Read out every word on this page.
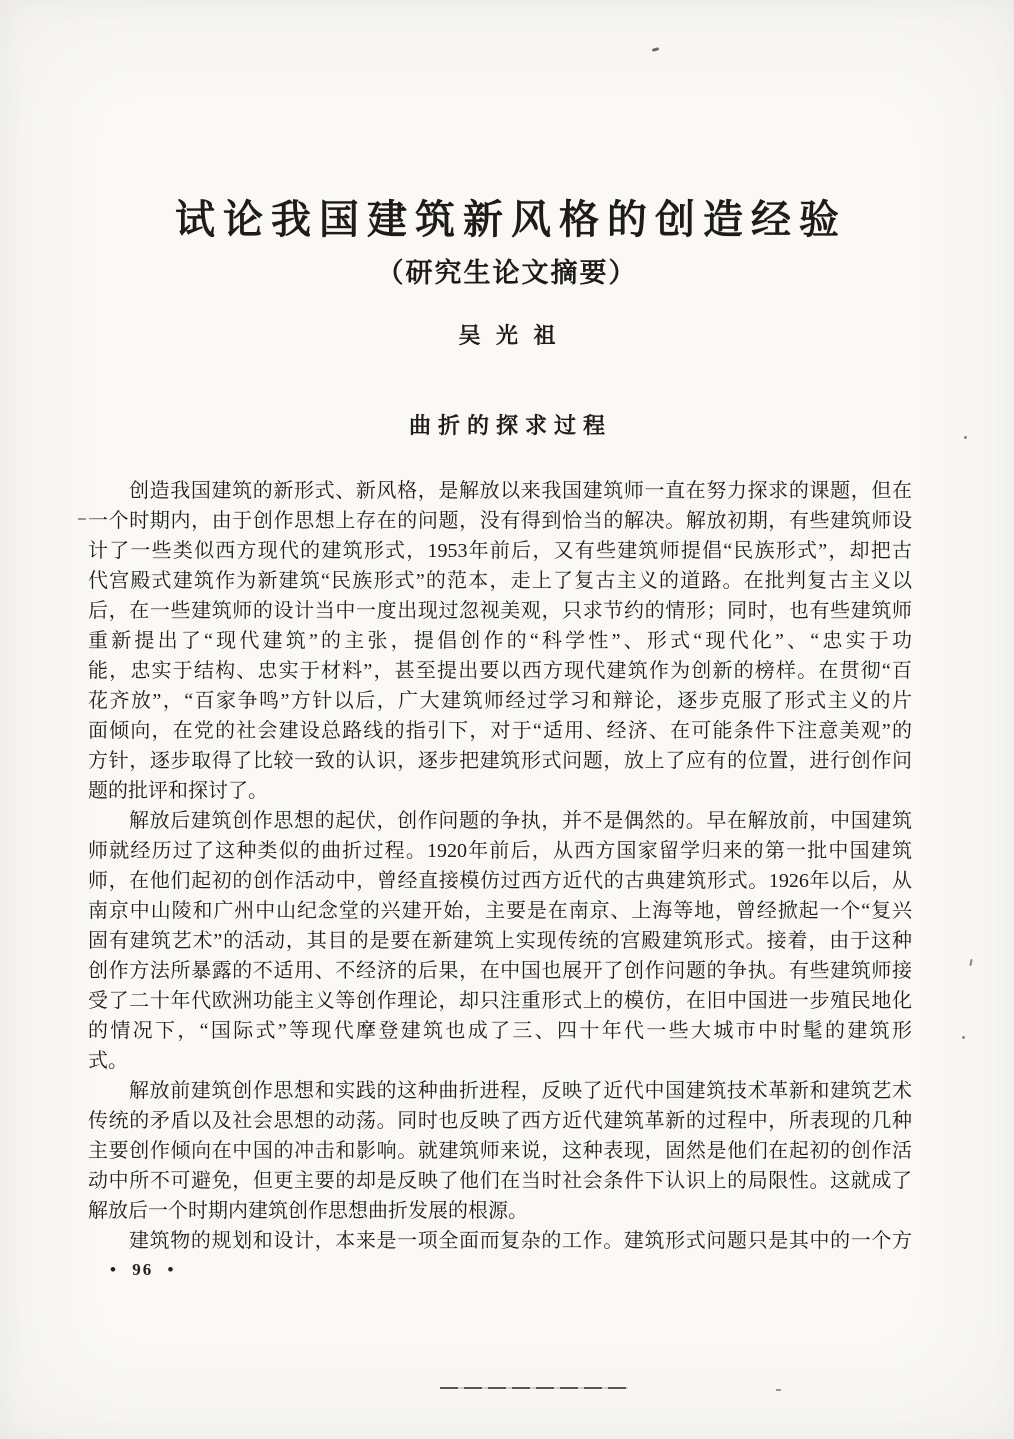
试论我国建筑新风格的创造经验
（研究生论文摘要）
吴 光 祖
曲折的探求过程
创造我国建筑的新形式、新风格，是解放以来我国建筑师一直在努力探求的课题，但在
一个时期内，由于创作思想上存在的问题，没有得到恰当的解决。解放初期，有些建筑师设
计了一些类似西方现代的建筑形式，1953年前后，又有些建筑师提倡“民族形式”，却把古
代宫殿式建筑作为新建筑“民族形式”的范本，走上了复古主义的道路。在批判复古主义以
后，在一些建筑师的设计当中一度出现过忽视美观，只求节约的情形；同时，也有些建筑师
重新提出了“现代建筑”的主张，提倡创作的“科学性”、形式“现代化”、“忠实于功
能，忠实于结构、忠实于材料”，甚至提出要以西方现代建筑作为创新的榜样。在贯彻“百
花齐放”，“百家争鸣”方针以后，广大建筑师经过学习和辩论，逐步克服了形式主义的片
面倾向，在党的社会建设总路线的指引下，对于“适用、经济、在可能条件下注意美观”的
方针，逐步取得了比较一致的认识，逐步把建筑形式问题，放上了应有的位置，进行创作问
题的批评和探讨了。
解放后建筑创作思想的起伏，创作问题的争执，并不是偶然的。早在解放前，中国建筑
师就经历过了这种类似的曲折过程。1920年前后，从西方国家留学归来的第一批中国建筑
师，在他们起初的创作活动中，曾经直接模仿过西方近代的古典建筑形式。1926年以后，从
南京中山陵和广州中山纪念堂的兴建开始，主要是在南京、上海等地，曾经掀起一个“复兴
固有建筑艺术”的活动，其目的是要在新建筑上实现传统的宫殿建筑形式。接着，由于这种
创作方法所暴露的不适用、不经济的后果，在中国也展开了创作问题的争执。有些建筑师接
受了二十年代欧洲功能主义等创作理论，却只注重形式上的模仿，在旧中国进一步殖民地化
的情况下，“国际式”等现代摩登建筑也成了三、四十年代一些大城市中时髦的建筑形
式。
解放前建筑创作思想和实践的这种曲折进程，反映了近代中国建筑技术革新和建筑艺术
传统的矛盾以及社会思想的动荡。同时也反映了西方近代建筑革新的过程中，所表现的几种
主要创作倾向在中国的冲击和影响。就建筑师来说，这种表现，固然是他们在起初的创作活
动中所不可避免，但更主要的却是反映了他们在当时社会条件下认识上的局限性。这就成了
解放后一个时期内建筑创作思想曲折发展的根源。
建筑物的规划和设计，本来是一项全面而复杂的工作。建筑形式问题只是其中的一个方
• 96 •
